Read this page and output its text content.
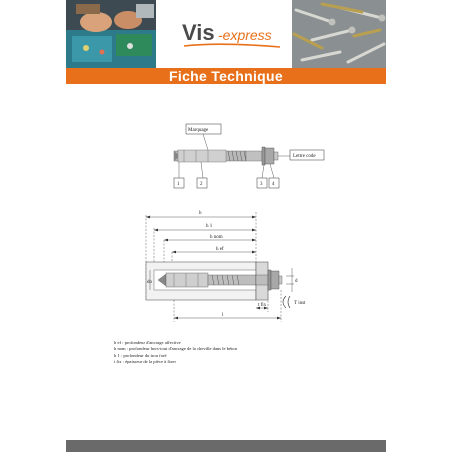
Vis -express
Fiche Technique
Marquage
Lettre code
1	2	3 4
h
h 1
h nom
h ef
l
t fix
do	d
T inst
h ef : profondeur d'ancrage affective
h nom : profondeur hors-tout d'ancrage de la cheville dans le béton
h 1 : profondeur du trou foré
t fix : épaisseur de la pièce à fixer
